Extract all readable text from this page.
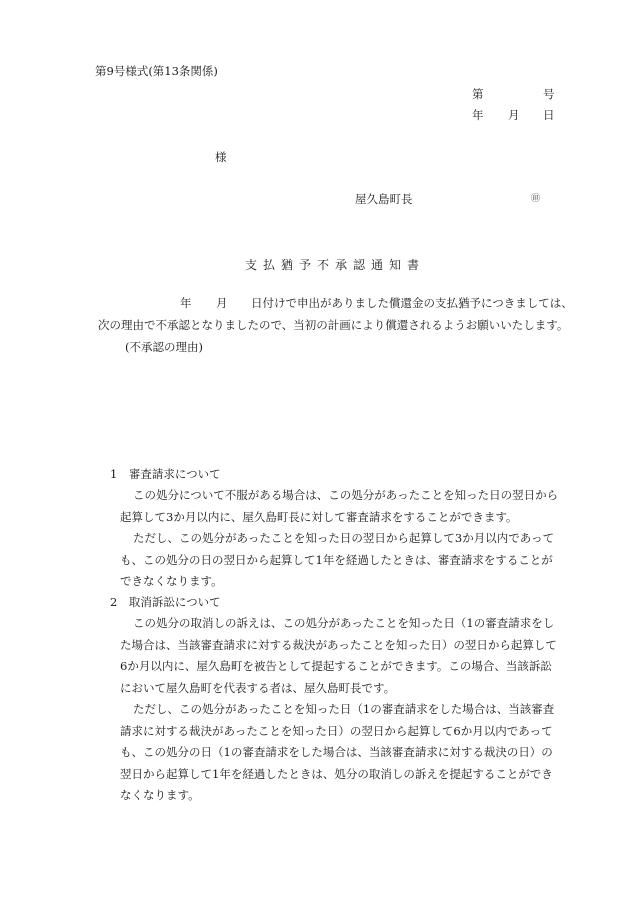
第9号様式(第13条関係)
第	号
年 月 日
様
屋久島町長	㊞
支払猶予不承認通知書
年 月 日付けで申出がありました償還金の支払猶予につきましては、
次の理由で不承認となりましたので、当初の計画により償還されるようお願いいたします。
(不承認の理由)
1　審査請求について
この処分について不服がある場合は、この処分があったことを知った日の翌日から
起算して3か月以内に、屋久島町長に対して審査請求をすることができます。
ただし、この処分があったことを知った日の翌日から起算して3か月以内であって
も、この処分の日の翌日から起算して1年を経過したときは、審査請求をすることが
できなくなります。
2　取消訴訟について
この処分の取消しの訴えは、この処分があったことを知った日（1の審査請求をし
た場合は、当該審査請求に対する裁決があったことを知った日）の翌日から起算して
6か月以内に、屋久島町を被告として提起することができます。この場合、当該訴訟
において屋久島町を代表する者は、屋久島町長です。
ただし、この処分があったことを知った日（1の審査請求をした場合は、当該審査
請求に対する裁決があったことを知った日）の翌日から起算して6か月以内であって
も、この処分の日（1の審査請求をした場合は、当該審査請求に対する裁決の日）の
翌日から起算して1年を経過したときは、処分の取消しの訴えを提起することができ
なくなります。
